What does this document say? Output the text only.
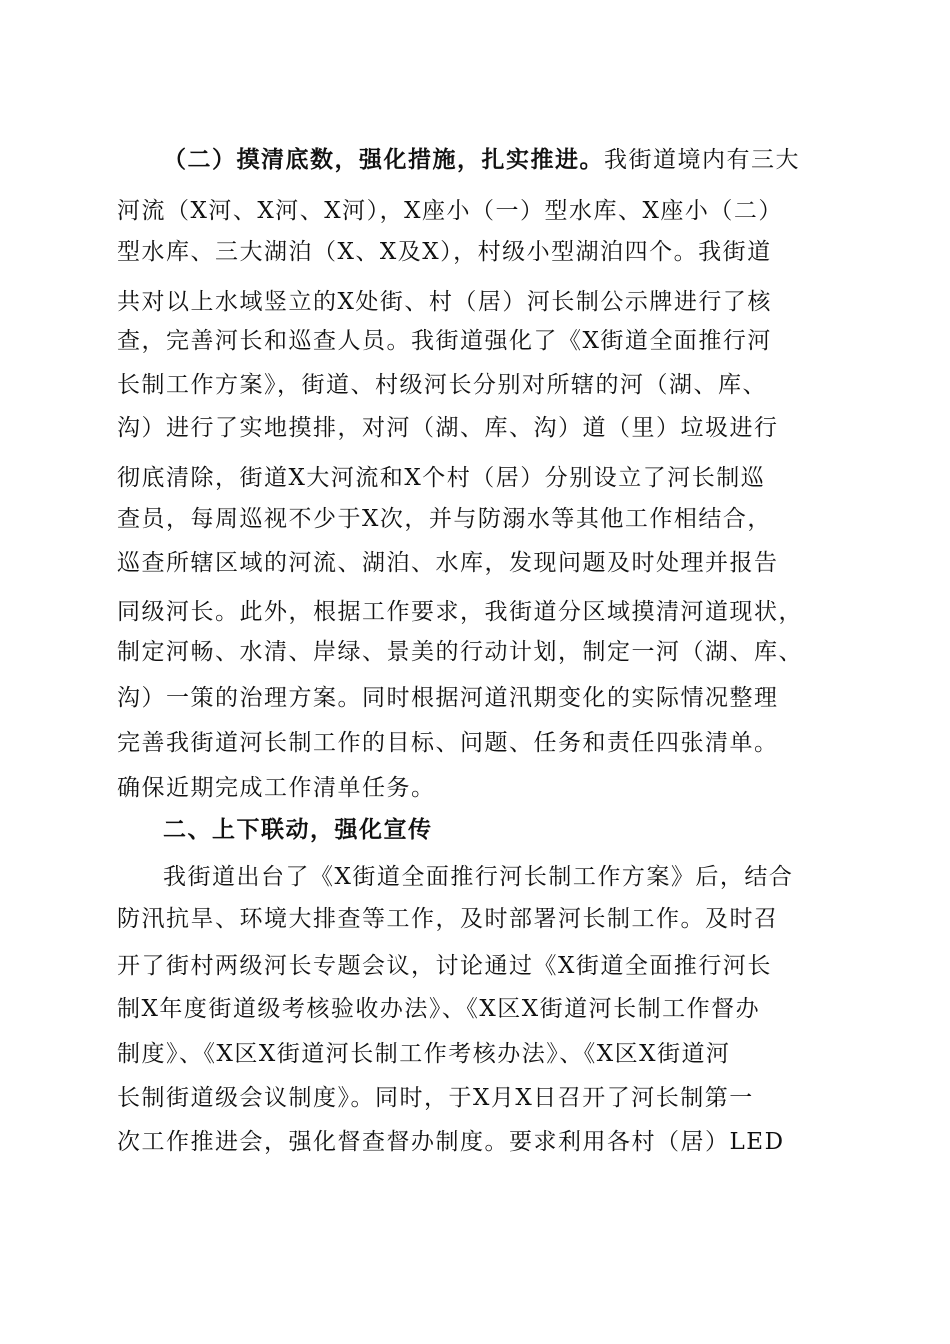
（二）摸清底数，强化措施，扎实推进。我街道境内有三大
河流（X河、X河、X河），X座小（一）型水库、X座小（二）
型水库、三大湖泊（X、X及X），村级小型湖泊四个。我街道
共对以上水域竖立的X处街、村（居）河长制公示牌进行了核
查，完善河长和巡查人员。我街道强化了《X街道全面推行河
长制工作方案》，街道、村级河长分别对所辖的河（湖、库、
沟）进行了实地摸排，对河（湖、库、沟）道（里）垃圾进行
彻底清除，街道X大河流和X个村（居）分别设立了河长制巡
查员，每周巡视不少于X次，并与防溺水等其他工作相结合，
巡查所辖区域的河流、湖泊、水库，发现问题及时处理并报告
同级河长。此外，根据工作要求，我街道分区域摸清河道现状，
制定河畅、水清、岸绿、景美的行动计划，制定一河（湖、库、
沟）一策的治理方案。同时根据河道汛期变化的实际情况整理
完善我街道河长制工作的目标、问题、任务和责任四张清单。
确保近期完成工作清单任务。
二、上下联动，强化宣传
我街道出台了《X街道全面推行河长制工作方案》后，结合
防汛抗旱、环境大排查等工作，及时部署河长制工作。及时召
开了街村两级河长专题会议，讨论通过《X街道全面推行河长
制X年度街道级考核验收办法》、《X区X街道河长制工作督办
制度》、《X区X街道河长制工作考核办法》、《X区X街道河
长制街道级会议制度》。同时，于X月X日召开了河长制第一
次工作推进会，强化督查督办制度。要求利用各村（居）LED
